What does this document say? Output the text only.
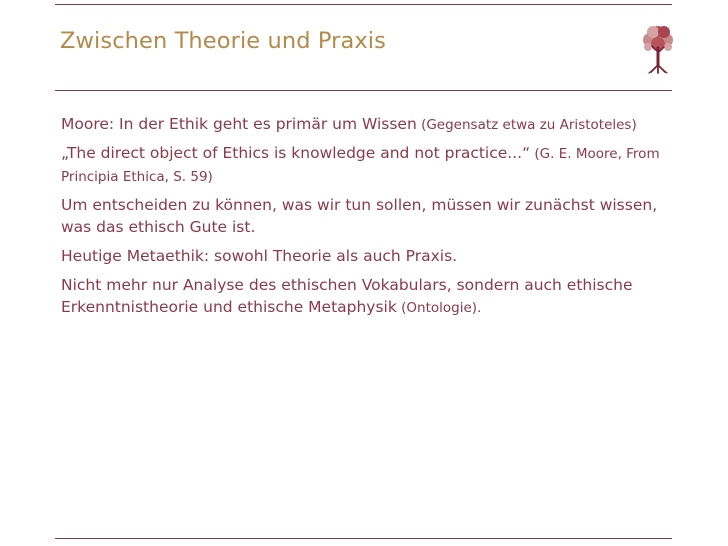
Zwischen Theorie und Praxis

Moore: In der Ethik geht es primär um Wissen (Gegensatz etwa zu Aristoteles)

„The direct object of Ethics is knowledge and not practice...“ (G. E. Moore, From Principia Ethica, S. 59)

Um entscheiden zu können, was wir tun sollen, müssen wir zunächst wissen, was das ethisch Gute ist.

Heutige Metaethik: sowohl Theorie als auch Praxis.

Nicht mehr nur Analyse des ethischen Vokabulars, sondern auch ethische Erkenntnistheorie und ethische Metaphysik (Ontologie).
